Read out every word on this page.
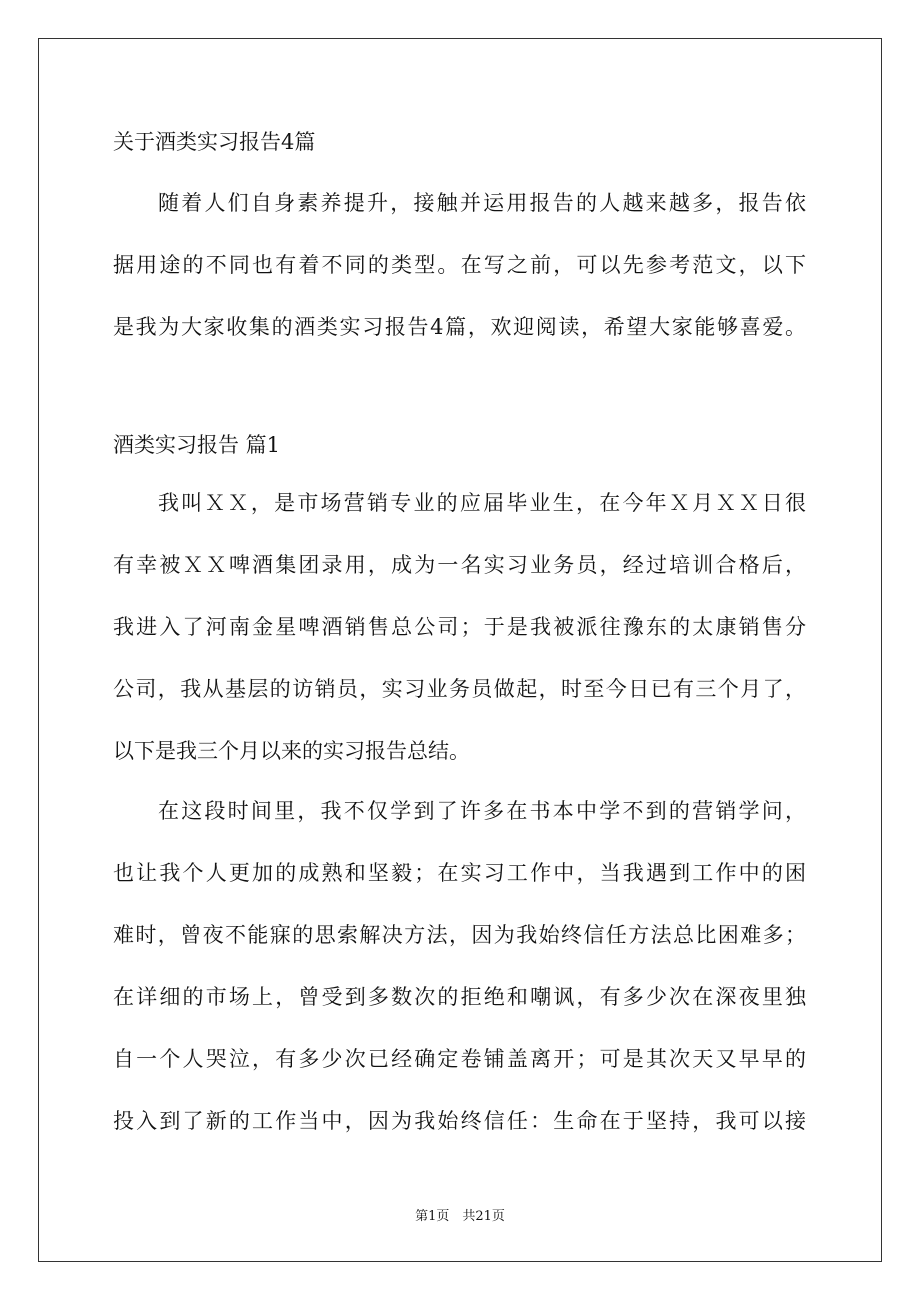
关于酒类实习报告4篇
随着人们自身素养提升，接触并运用报告的人越来越多，报告依
据用途的不同也有着不同的类型。在写之前，可以先参考范文，以下
是我为大家收集的酒类实习报告4篇，欢迎阅读，希望大家能够喜爱。
酒类实习报告 篇1
我叫ＸＸ，是市场营销专业的应届毕业生，在今年Ｘ月ＸＸ日很
有幸被ＸＸ啤酒集团录用，成为一名实习业务员，经过培训合格后，
我进入了河南金星啤酒销售总公司；于是我被派往豫东的太康销售分
公司，我从基层的访销员，实习业务员做起，时至今日已有三个月了，
以下是我三个月以来的实习报告总结。
在这段时间里，我不仅学到了许多在书本中学不到的营销学问，
也让我个人更加的成熟和坚毅；在实习工作中，当我遇到工作中的困
难时，曾夜不能寐的思索解决方法，因为我始终信任方法总比困难多；
在详细的市场上，曾受到多数次的拒绝和嘲讽，有多少次在深夜里独
自一个人哭泣，有多少次已经确定卷铺盖离开；可是其次天又早早的
投入到了新的工作当中，因为我始终信任：生命在于坚持，我可以接
第1页　共21页
